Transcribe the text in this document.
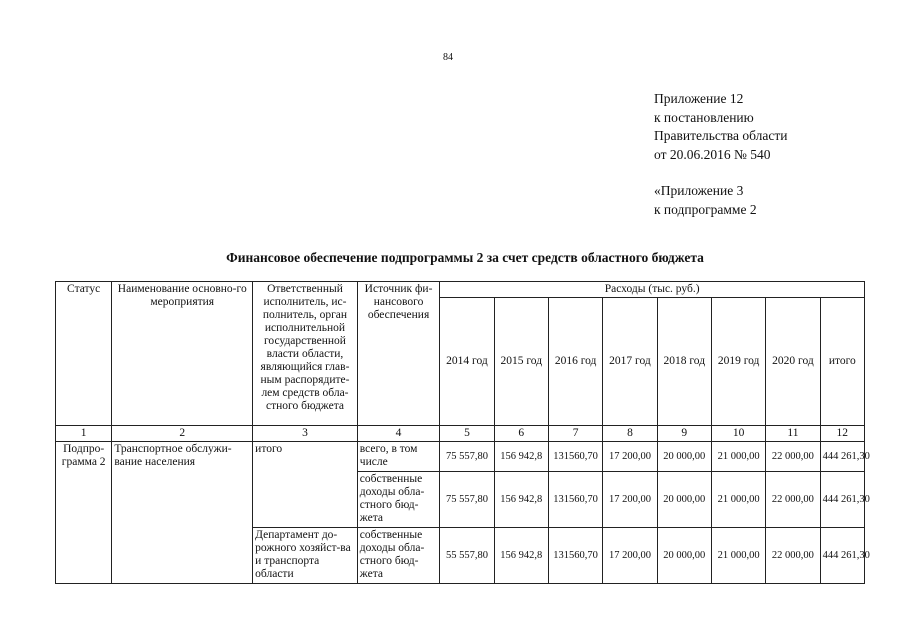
84
Приложение 12
к постановлению
Правительства области
от 20.06.2016 № 540
«Приложение 3
к подпрограмме 2
Финансовое обеспечение подпрограммы 2 за счет средств областного бюджета
Статус	Наименование основно-го мероприятия	Ответственный исполнитель, ис-полнитель, орган исполнительной государственной власти области, являющийся глав-ным распорядите-лем средств обла-стного бюджета	Источник фи-нансового обеспечения	Расходы (тыс. руб.)							
				2014 год	2015 год	2016 год	2017 год	2018 год	2019 год	2020 год	итого
1	2	3	4	5	6	7	8	9	10	11	12
Подпро-грамма 2	Транспортное обслужи-вание населения	итого	всего, в том числе	75 557,80	156 942,8	131560,70	17 200,00	20 000,00	21 000,00	22 000,00	444 261,30
			собственные доходы обла-стного бюд-жета	75 557,80	156 942,8	131560,70	17 200,00	20 000,00	21 000,00	22 000,00	444 261,30
		Департамент до-рожного хозяйст-ва и транспорта области	собственные доходы обла-стного бюд-жета	55 557,80	156 942,8	131560,70	17 200,00	20 000,00	21 000,00	22 000,00	444 261,30
